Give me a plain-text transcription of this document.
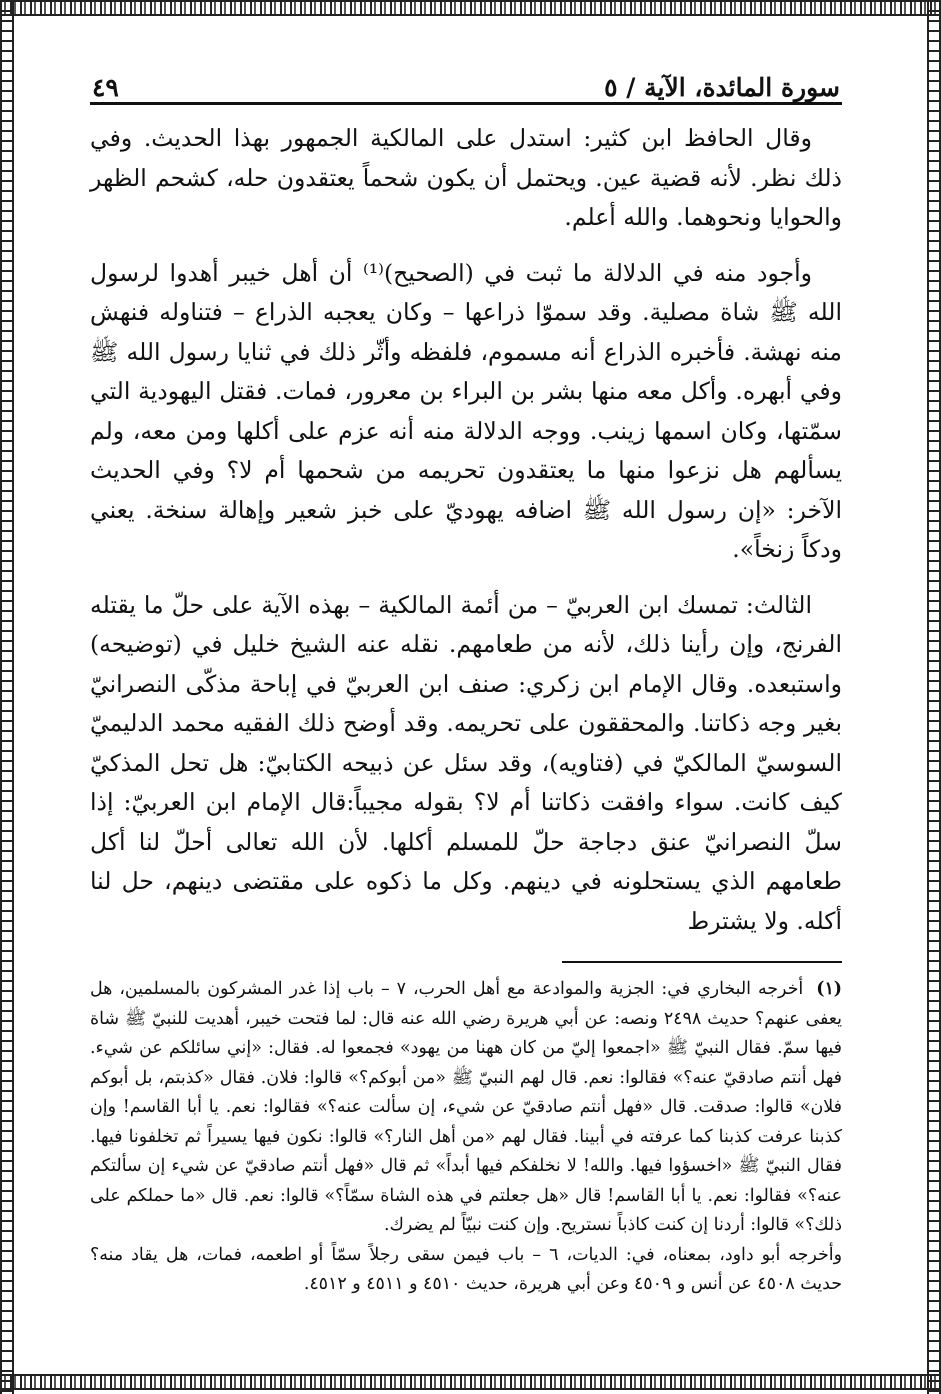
سورة المائدة، الآية / ٥
٤٩

وقال الحافظ ابن كثير: استدل على المالكية الجمهور بهذا الحديث. وفي ذلك نظر. لأنه قضية عين. ويحتمل أن يكون شحماً يعتقدون حله، كشحم الظهر والحوايا ونحوهما. والله أعلم.

وأجود منه في الدلالة ما ثبت في (الصحيح)⁽¹⁾ أن أهل خيبر أهدوا لرسول الله ﷺ شاة مصلية. وقد سموّا ذراعها – وكان يعجبه الذراع – فتناوله فنهش منه نهشة. فأخبره الذراع أنه مسموم، فلفظه وأثّر ذلك في ثنايا رسول الله ﷺ وفي أبهره. وأكل معه منها بشر بن البراء بن معرور، فمات. فقتل اليهودية التي سمّتها، وكان اسمها زينب. ووجه الدلالة منه أنه عزم على أكلها ومن معه، ولم يسألهم هل نزعوا منها ما يعتقدون تحريمه من شحمها أم لا؟ وفي الحديث الآخر: «إن رسول الله ﷺ اضافه يهوديّ على خبز شعير وإهالة سنخة. يعني ودكاً زنخاً».

الثالث: تمسك ابن العربيّ – من أئمة المالكية – بهذه الآية على حلّ ما يقتله الفرنج، وإن رأينا ذلك، لأنه من طعامهم. نقله عنه الشيخ خليل في (توضيحه) واستبعده. وقال الإمام ابن زكري: صنف ابن العربيّ في إباحة مذكّى النصرانيّ بغير وجه ذكاتنا. والمحققون على تحريمه. وقد أوضح ذلك الفقيه محمد الدليميّ السوسيّ المالكيّ في (فتاويه)، وقد سئل عن ذبيحه الكتابيّ: هل تحل المذكيّ كيف كانت. سواء وافقت ذكاتنا أم لا؟ بقوله مجيباً:قال الإمام ابن العربيّ: إذا سلّ النصرانيّ عنق دجاجة حلّ للمسلم أكلها. لأن الله تعالى أحلّ لنا أكل طعامهم الذي يستحلونه في دينهم. وكل ما ذكوه على مقتضى دينهم، حل لنا أكله. ولا يشترط

(١) أخرجه البخاري في: الجزية والموادعة مع أهل الحرب، ٧ – باب إذا غدر المشركون بالمسلمين، هل يعفى عنهم؟ حديث ٢٤٩٨ ونصه: عن أبي هريرة رضي الله عنه قال: لما فتحت خيبر، أهديت للنبيّ ﷺ شاة فيها سمّ. فقال النبيّ ﷺ «اجمعوا إليّ من كان ههنا من يهود» فجمعوا له. فقال: «إني سائلكم عن شيء. فهل أنتم صادقيّ عنه؟» فقالوا: نعم. قال لهم النبيّ ﷺ «من أبوكم؟» قالوا: فلان. فقال «كذبتم، بل أبوكم فلان» قالوا: صدقت. قال «فهل أنتم صادقيّ عن شيء، إن سألت عنه؟» فقالوا: نعم. يا أبا القاسم! وإن كذبنا عرفت كذبنا كما عرفته في أبينا. فقال لهم «من أهل النار؟» قالوا: نكون فيها يسيراً ثم تخلفونا فيها. فقال النبيّ ﷺ «اخسؤوا فيها. والله! لا نخلفكم فيها أبداً» ثم قال «فهل أنتم صادقيّ عن شيء إن سألتكم عنه؟» فقالوا: نعم. يا أبا القاسم! قال «هل جعلتم في هذه الشاة سمّاً؟» قالوا: نعم. قال «ما حملكم على ذلك؟» قالوا: أردنا إن كنت كاذباً نستريح. وإن كنت نبيّاً لم يضرك.

وأخرجه أبو داود، بمعناه، في: الديات، ٦ – باب فيمن سقى رجلاً سمّاً أو اطعمه، فمات، هل يقاد منه؟ حديث ٤٥٠٨ عن أنس و ٤٥٠٩ وعن أبي هريرة، حديث ٤٥١٠ و ٤٥١١ و ٤٥١٢.
